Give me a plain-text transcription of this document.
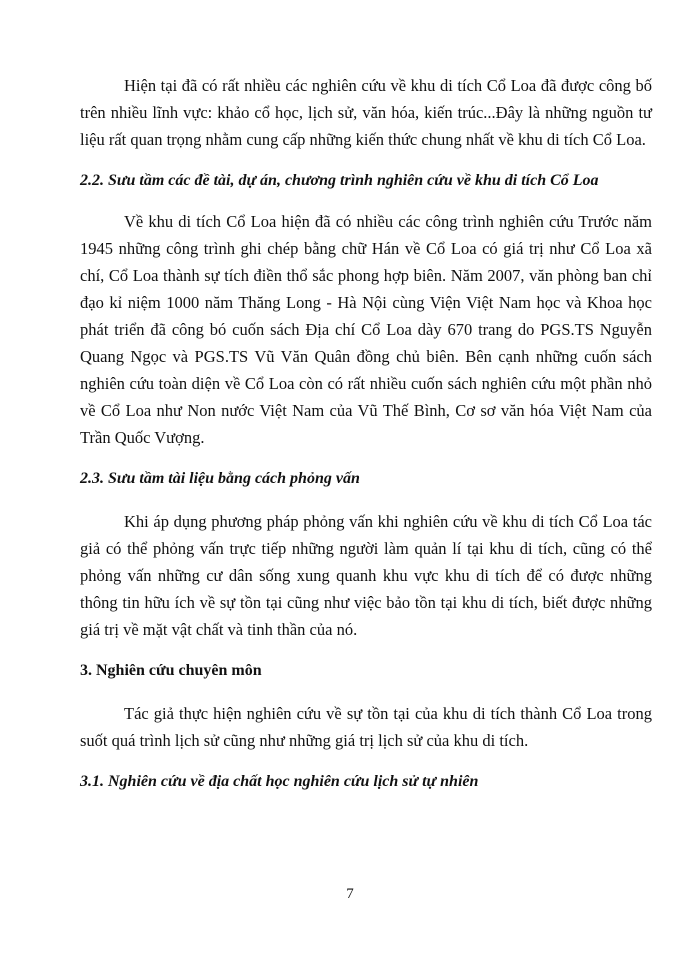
Hiện tại đã có rất nhiều các nghiên cứu về khu di tích Cổ Loa đã được công bố trên nhiều lĩnh vực: khảo cổ học, lịch sử, văn hóa, kiến trúc...Đây là những nguồn tư liệu rất quan trọng nhằm cung cấp những kiến thức chung nhất về khu di tích Cổ Loa.

2.2. Sưu tầm các đề tài, dự án, chương trình nghiên cứu về khu di tích Cổ Loa

Về khu di tích Cổ Loa hiện đã có nhiều các công trình nghiên cứu Trước năm 1945 những công trình ghi chép bằng chữ Hán về Cổ Loa có giá trị như Cổ Loa xã chí, Cổ Loa thành sự tích điền thổ sắc phong hợp biên. Năm 2007, văn phòng ban chỉ đạo kỉ niệm 1000 năm Thăng Long - Hà Nội cùng Viện Việt Nam học và Khoa học phát triển đã công bó cuốn sách Địa chí Cổ Loa dày 670 trang do PGS.TS Nguyễn Quang Ngọc và PGS.TS Vũ Văn Quân đồng chủ biên. Bên cạnh những cuốn sách nghiên cứu toàn diện về Cổ Loa còn có rất nhiều cuốn sách nghiên cứu một phần nhỏ về Cổ Loa như Non nước Việt Nam của Vũ Thế Bình, Cơ sơ văn hóa Việt Nam của Trần Quốc Vượng.

2.3. Sưu tầm tài liệu bằng cách phỏng vấn

Khi áp dụng phương pháp phỏng vấn khi nghiên cứu về khu di tích Cổ Loa tác giả có thể phỏng vấn trực tiếp những người làm quản lí tại khu di tích, cũng có thể phỏng vấn những cư dân sống xung quanh khu vực khu di tích để có được những thông tin hữu ích về sự tồn tại cũng như việc bảo tồn tại khu di tích, biết được những giá trị về mặt vật chất và tinh thần của nó.

3. Nghiên cứu chuyên môn

Tác giả thực hiện nghiên cứu về sự tồn tại của khu di tích thành Cổ Loa trong suốt quá trình lịch sử cũng như những giá trị lịch sử của khu di tích.

3.1. Nghiên cứu về địa chất học nghiên cứu lịch sử tự nhiên

7
